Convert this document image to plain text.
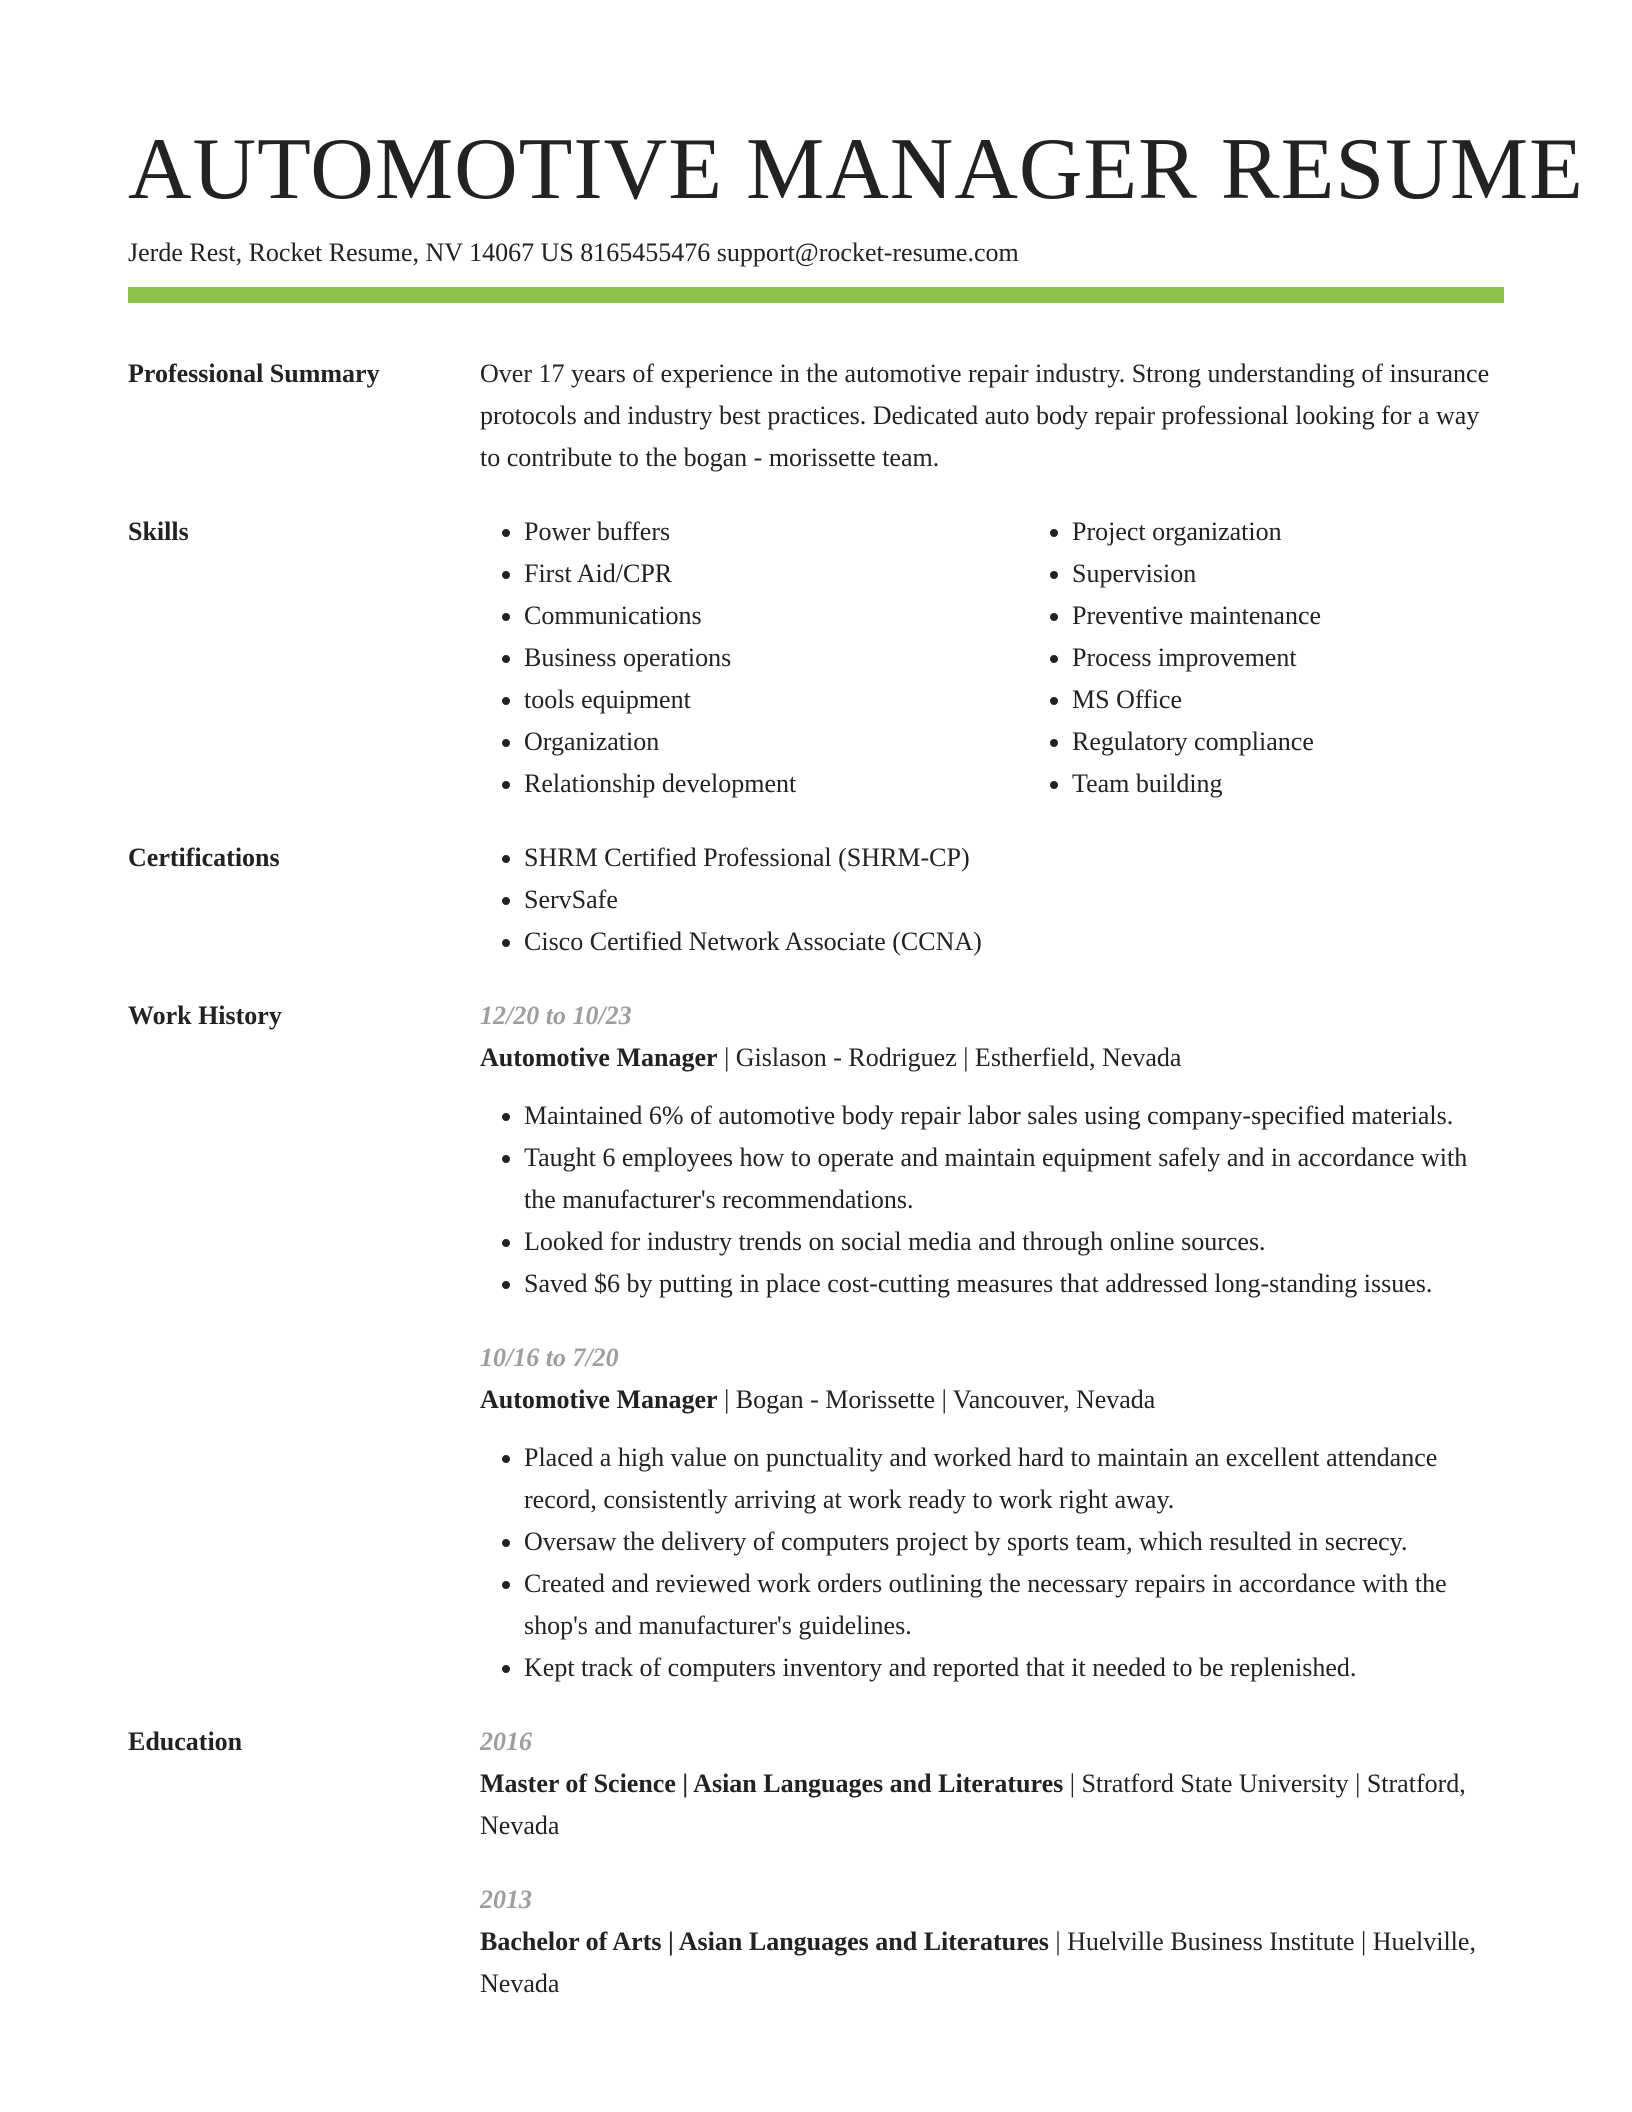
AUTOMOTIVE MANAGER RESUME
Jerde Rest, Rocket Resume, NV 14067 US 8165455476 support@rocket-resume.com
Professional Summary	Over 17 years of experience in the automotive repair industry. Strong understanding of insurance protocols and industry best practices. Dedicated auto body repair professional looking for a way to contribute to the bogan - morissette team.

Skills	• Power buffers
• First Aid/CPR
• Communications
• Business operations
• tools equipment
• Organization
• Relationship development
• Project organization
• Supervision
• Preventive maintenance
• Process improvement
• MS Office
• Regulatory compliance
• Team building
Certifications	• SHRM Certified Professional (SHRM-CP)
• ServSafe
• Cisco Certified Network Associate (CCNA)
Work History	12/20 to 10/23
Automotive Manager | Gislason - Rodriguez | Estherfield, Nevada
• Maintained 6% of automotive body repair labor sales using company-specified materials.
• Taught 6 employees how to operate and maintain equipment safely and in accordance with the manufacturer's recommendations.
• Looked for industry trends on social media and through online sources.
• Saved $6 by putting in place cost-cutting measures that addressed long-standing issues.
10/16 to 7/20
Automotive Manager | Bogan - Morissette | Vancouver, Nevada
• Placed a high value on punctuality and worked hard to maintain an excellent attendance record, consistently arriving at work ready to work right away.
• Oversaw the delivery of computers project by sports team, which resulted in secrecy.
• Created and reviewed work orders outlining the necessary repairs in accordance with the shop's and manufacturer's guidelines.
• Kept track of computers inventory and reported that it needed to be replenished.
Education	2016
Master of Science | Asian Languages and Literatures | Stratford State University | Stratford, Nevada
2013
Bachelor of Arts | Asian Languages and Literatures | Huelville Business Institute | Huelville, Nevada
